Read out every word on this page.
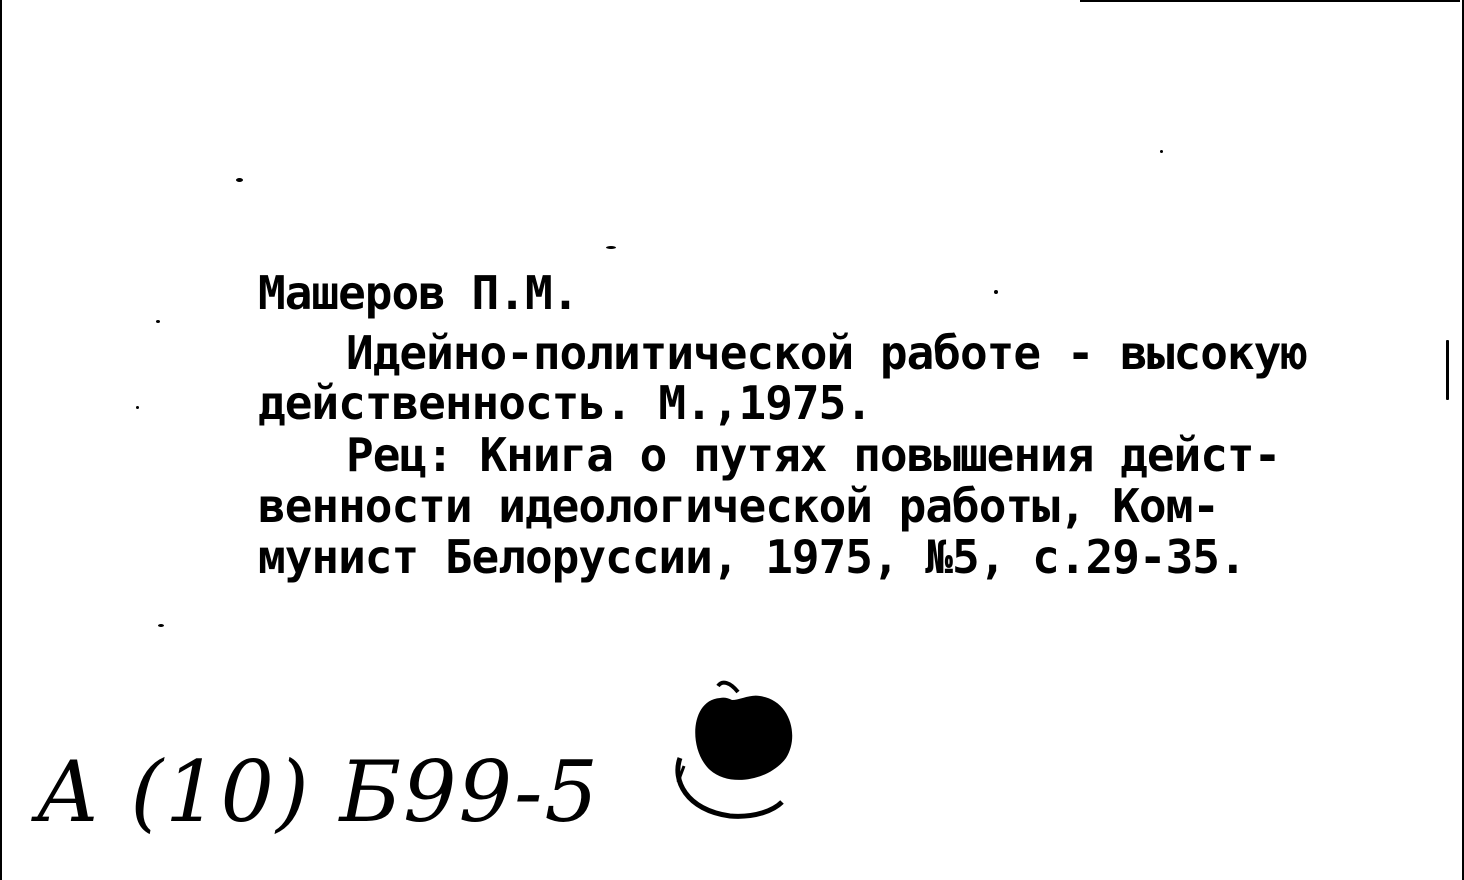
Машеров П.М.
Идейно-политической работе - высокую
действенность. М.,1975.
Рец: Книга о путях повышения дейст-
венности идеологической работы, Ком-
мунист Белоруссии, 1975, №5, с.29-35.
А (10) Б99-5
